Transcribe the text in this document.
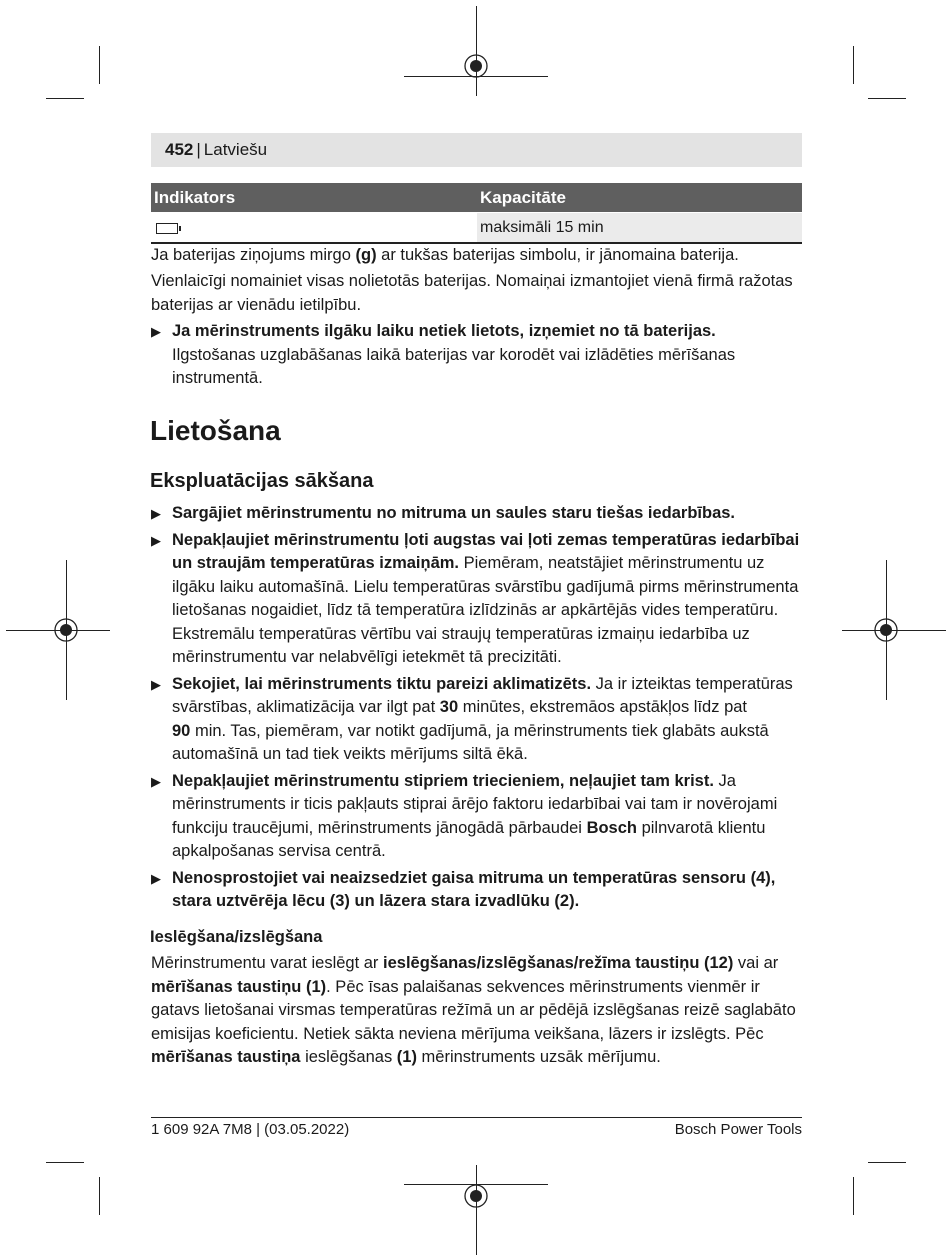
452 | Latviešu
Indikators	Kapacitāte
maksimāli 15 min

Ja baterijas ziņojums mirgo (g) ar tukšas baterijas simbolu, ir jānomaina baterija.

Vienlaicīgi nomainiet visas nolietotās baterijas. Nomaiņai izmantojiet vienā firmā ražotas baterijas ar vienādu ietilpību.

▶ Ja mērinstruments ilgāku laiku netiek lietots, izņemiet no tā baterijas.
Ilgstošanas uzglabāšanas laikā baterijas var korodēt vai izlādēties mērīšanas instrumentā.
Lietošana
Ekspluatācijas sākšana
▶ Sargājiet mērinstrumentu no mitruma un saules staru tiešas iedarbības.
▶ Nepakļaujiet mērinstrumentu ļoti augstas vai ļoti zemas temperatūras iedarbībai un straujām temperatūras izmaiņām. Piemēram, neatstājiet mērinstrumentu uz ilgāku laiku automašīnā. Lielu temperatūras svārstību gadījumā pirms mērinstrumenta lietošanas nogaidiet, līdz tā temperatūra izlīdzinās ar apkārtējās vides temperatūru. Ekstremālu temperatūras vērtību vai straujų temperatūras izmaiņu iedarbība uz mērinstrumentu var nelabvēlīgi ietekmēt tā precizitāti.
▶ Sekojiet, lai mērinstruments tiktu pareizi aklimatizēts. Ja ir izteiktas temperatūras svārstības, aklimatizācija var ilgt pat 30 minūtes, ekstremāos apstākļos līdz pat
90 min. Tas, piemēram, var notikt gadījumā, ja mērinstruments tiek glabāts aukstā automašīnā un tad tiek veikts mērījums siltā ēkā.
▶ Nepakļaujiet mērinstrumentu stipriem triecieniem, neļaujiet tam krist. Ja mērinstruments ir ticis pakļauts stiprai ārējo faktoru iedarbībai vai tam ir novērojami funkciju traucējumi, mērinstruments jānogādā pārbaudei Bosch pilnvarotā klientu apkalpošanas servisa centrā.
▶ Nenosprostojiet vai neaizsedziet gaisa mitruma un temperatūras sensoru (4), stara uztvērēja lēcu (3) un lāzera stara izvadlūku (2).
Ieslēgšana/izslēgšana

Mērinstrumentu varat ieslēgt ar ieslēgšanas/izslēgšanas/režīma taustiņu (12) vai ar mērīšanas taustiņu (1). Pēc īsas palaišanas sekvences mērinstruments vienmēr ir gatavs lietošanai virsmas temperatūras režīmā un ar pēdējā izslēgšanas reizē saglabāto emisijas koeficientu. Netiek sākta neviena mērījuma veikšana, lāzers ir izslēgts. Pēc mērīšanas taustiņa ieslēgšanas (1) mērinstruments uzsāk mērījumu.

1 609 92A 7M8 | (03.05.2022)	Bosch Power Tools
